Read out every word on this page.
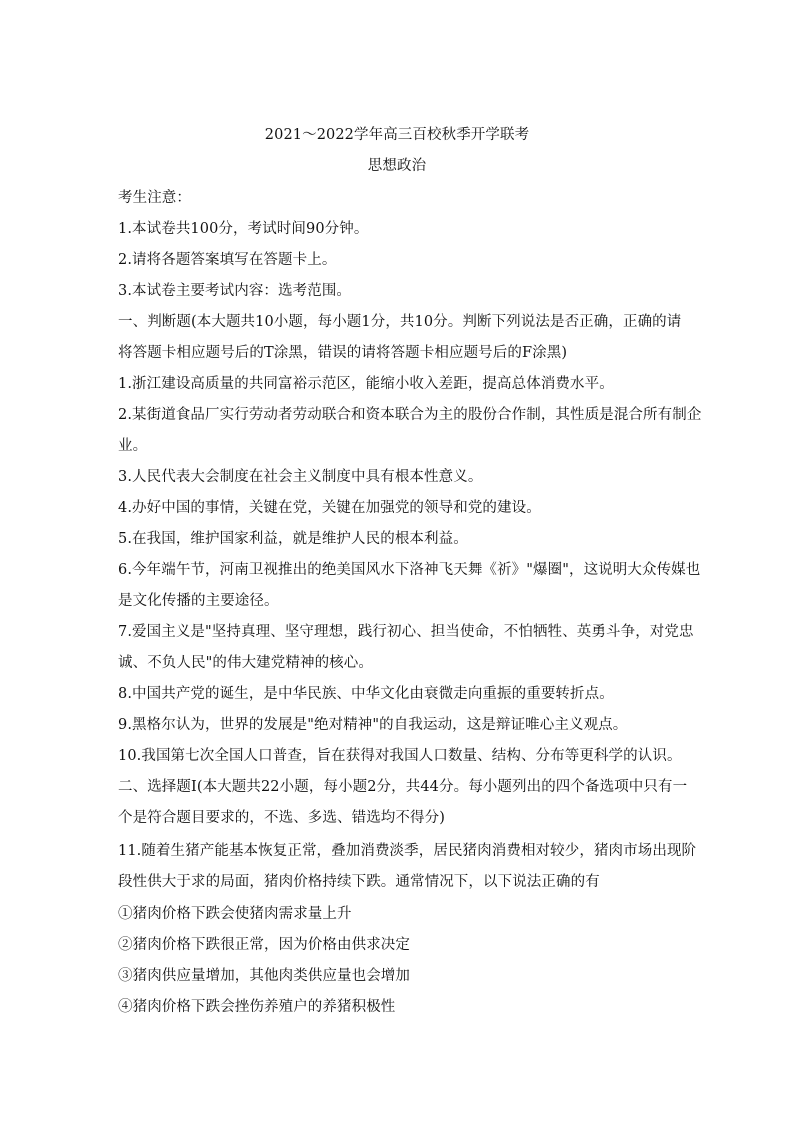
2021～2022学年高三百校秋季开学联考
思想政治
考生注意：
1.本试卷共100分，考试时间90分钟。
2.请将各题答案填写在答题卡上。
3.本试卷主要考试内容：选考范围。
一、判断题(本大题共10小题，每小题1分，共10分。判断下列说法是否正确，正确的请
将答题卡相应题号后的T涂黑，错误的请将答题卡相应题号后的F涂黑)
1.浙江建设高质量的共同富裕示范区，能缩小收入差距，提高总体消费水平。
2.某街道食品厂实行劳动者劳动联合和资本联合为主的股份合作制，其性质是混合所有制企
业。
3.人民代表大会制度在社会主义制度中具有根本性意义。
4.办好中国的事情，关键在党，关键在加强党的领导和党的建设。
5.在我国，维护国家利益，就是维护人民的根本利益。
6.今年端午节，河南卫视推出的绝美国风水下洛神飞天舞《祈》"爆圈"，这说明大众传媒也
是文化传播的主要途径。
7.爱国主义是"坚持真理、坚守理想，践行初心、担当使命，不怕牺牲、英勇斗争，对党忠
诚、不负人民"的伟大建党精神的核心。
8.中国共产党的诞生，是中华民族、中华文化由衰微走向重振的重要转折点。
9.黑格尔认为，世界的发展是"绝对精神"的自我运动，这是辩证唯心主义观点。
10.我国第七次全国人口普查，旨在获得对我国人口数量、结构、分布等更科学的认识。
二、选择题Ⅰ(本大题共22小题，每小题2分，共44分。每小题列出的四个备选项中只有一
个是符合题目要求的，不选、多选、错选均不得分)
11.随着生猪产能基本恢复正常，叠加消费淡季，居民猪肉消费相对较少，猪肉市场出现阶
段性供大于求的局面，猪肉价格持续下跌。通常情况下，以下说法正确的有
①猪肉价格下跌会使猪肉需求量上升
②猪肉价格下跌很正常，因为价格由供求决定
③猪肉供应量增加，其他肉类供应量也会增加
④猪肉价格下跌会挫伤养殖户的养猪积极性
